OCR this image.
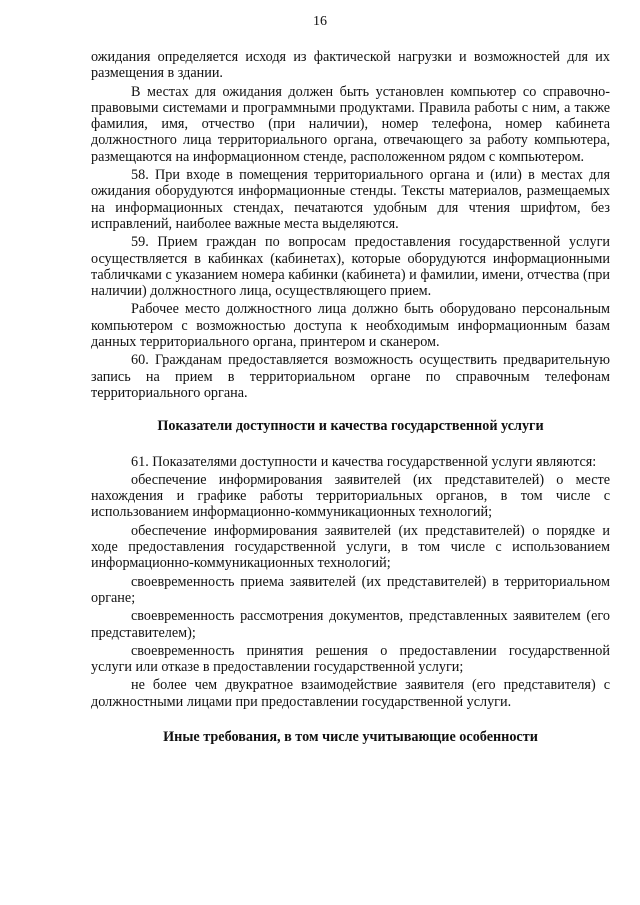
16

ожидания определяется исходя из фактической нагрузки и возможностей для их размещения в здании.

В местах для ожидания должен быть установлен компьютер со справочно-правовыми системами и программными продуктами. Правила работы с ним, а также фамилия, имя, отчество (при наличии), номер телефона, номер кабинета должностного лица территориального органа, отвечающего за работу компьютера, размещаются на информационном стенде, расположенном рядом с компьютером.

58. При входе в помещения территориального органа и (или) в местах для ожидания оборудуются информационные стенды. Тексты материалов, размещаемых на информационных стендах, печатаются удобным для чтения шрифтом, без исправлений, наиболее важные места выделяются.

59. Прием граждан по вопросам предоставления государственной услуги осуществляется в кабинках (кабинетах), которые оборудуются информационными табличками с указанием номера кабинки (кабинета) и фамилии, имени, отчества (при наличии) должностного лица, осуществляющего прием.

Рабочее место должностного лица должно быть оборудовано персональным компьютером с возможностью доступа к необходимым информационным базам данных территориального органа, принтером и сканером.

60. Гражданам предоставляется возможность осуществить предварительную запись на прием в территориальном органе по справочным телефонам территориального органа.

Показатели доступности и качества государственной услуги

61. Показателями доступности и качества государственной услуги являются:

обеспечение информирования заявителей (их представителей) о месте нахождения и графике работы территориальных органов, в том числе с использованием информационно-коммуникационных технологий;

обеспечение информирования заявителей (их представителей) о порядке и ходе предоставления государственной услуги, в том числе с использованием информационно-коммуникационных технологий;

своевременность приема заявителей (их представителей) в территориальном органе;

своевременность рассмотрения документов, представленных заявителем (его представителем);

своевременность принятия решения о предоставлении государственной услуги или отказе в предоставлении государственной услуги;

не более чем двукратное взаимодействие заявителя (его представителя) с должностными лицами при предоставлении государственной услуги.

Иные требования, в том числе учитывающие особенности
